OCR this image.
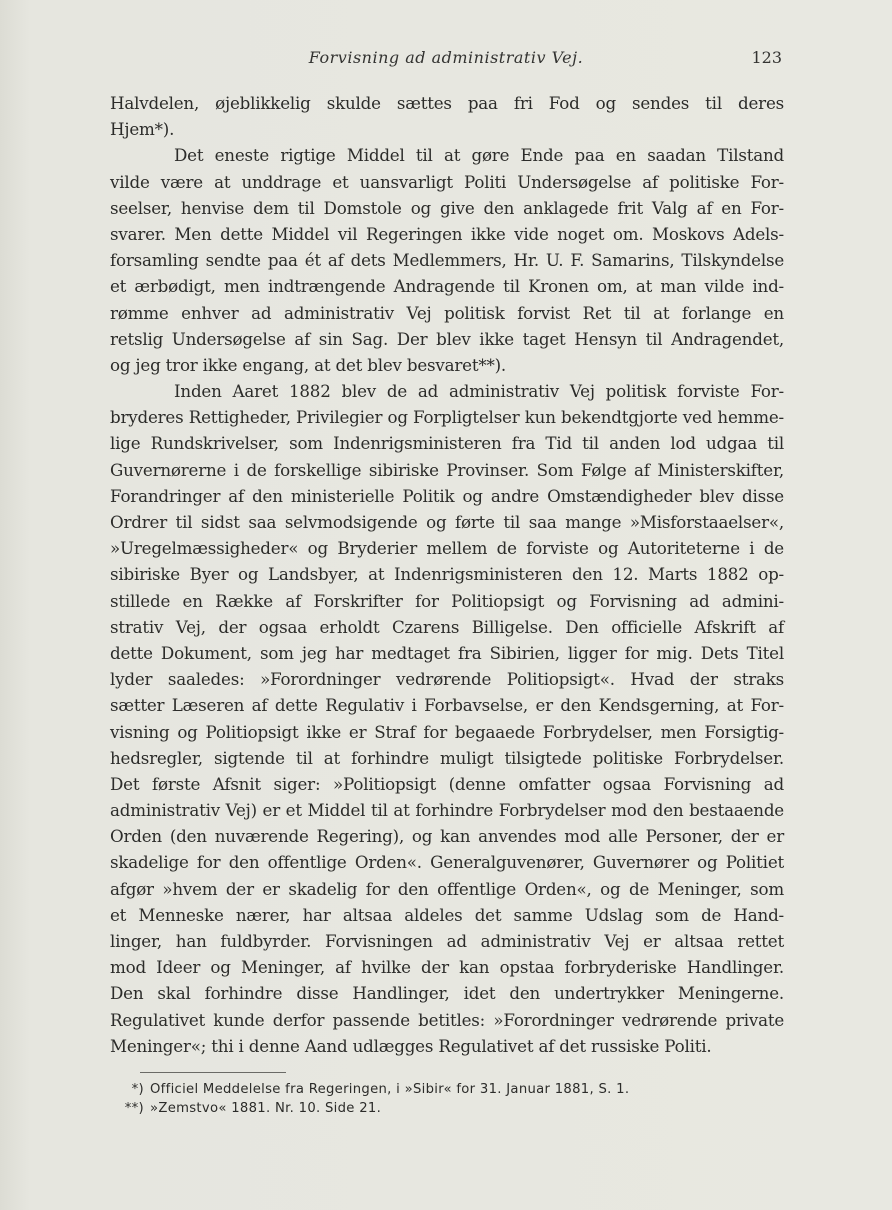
Forvisning ad administrativ Vej.	123
Halvdelen, øjeblikkelig skulde sættes paa fri Fod og sendes til deres
Hjem*).
Det eneste rigtige Middel til at gøre Ende paa en saadan Tilstand
vilde være at unddrage et uansvarligt Politi Undersøgelse af politiske For-
seelser, henvise dem til Domstole og give den anklagede frit Valg af en For-
svarer. Men dette Middel vil Regeringen ikke vide noget om. Moskovs Adels-
forsamling sendte paa ét af dets Medlemmers, Hr. U. F. Samarins, Tilskyndelse
et ærbødigt, men indtrængende Andragende til Kronen om, at man vilde ind-
rømme enhver ad administrativ Vej politisk forvist Ret til at forlange en
retslig Undersøgelse af sin Sag. Der blev ikke taget Hensyn til Andragendet,
og jeg tror ikke engang, at det blev besvaret**).
Inden Aaret 1882 blev de ad administrativ Vej politisk forviste For-
bryderes Rettigheder, Privilegier og Forpligtelser kun bekendtgjorte ved hemme-
lige Rundskrivelser, som Indenrigsministeren fra Tid til anden lod udgaa til
Guvernørerne i de forskellige sibiriske Provinser. Som Følge af Ministerskifter,
Forandringer af den ministerielle Politik og andre Omstændigheder blev disse
Ordrer til sidst saa selvmodsigende og førte til saa mange »Misforstaaelser«,
»Uregelmæssigheder« og Bryderier mellem de forviste og Autoriteterne i de
sibiriske Byer og Landsbyer, at Indenrigsministeren den 12. Marts 1882 op-
stillede en Række af Forskrifter for Politiopsigt og Forvisning ad admini-
strativ Vej, der ogsaa erholdt Czarens Billigelse. Den officielle Afskrift af
dette Dokument, som jeg har medtaget fra Sibirien, ligger for mig. Dets Titel
lyder saaledes: »Forordninger vedrørende Politiopsigt«. Hvad der straks
sætter Læseren af dette Regulativ i Forbavselse, er den Kendsgerning, at For-
visning og Politiopsigt ikke er Straf for begaaede Forbrydelser, men Forsigtig-
hedsregler, sigtende til at forhindre muligt tilsigtede politiske Forbrydelser.
Det første Afsnit siger: »Politiopsigt (denne omfatter ogsaa Forvisning ad
administrativ Vej) er et Middel til at forhindre Forbrydelser mod den bestaaende
Orden (den nuværende Regering), og kan anvendes mod alle Personer, der er
skadelige for den offentlige Orden«. Generalguvenører, Guvernører og Politiet
afgør »hvem der er skadelig for den offentlige Orden«, og de Meninger, som
et Menneske nærer, har altsaa aldeles det samme Udslag som de Hand-
linger, han fuldbyrder. Forvisningen ad administrativ Vej er altsaa rettet
mod Ideer og Meninger, af hvilke der kan opstaa forbryderiske Handlinger.
Den skal forhindre disse Handlinger, idet den undertrykker Meningerne.
Regulativet kunde derfor passende betitles: »Forordninger vedrørende private
Meninger«; thi i denne Aand udlægges Regulativet af det russiske Politi.
*) Officiel Meddelelse fra Regeringen, i »Sibir« for 31. Januar 1881, S. 1.
**) »Zemstvo« 1881. Nr. 10. Side 21.
